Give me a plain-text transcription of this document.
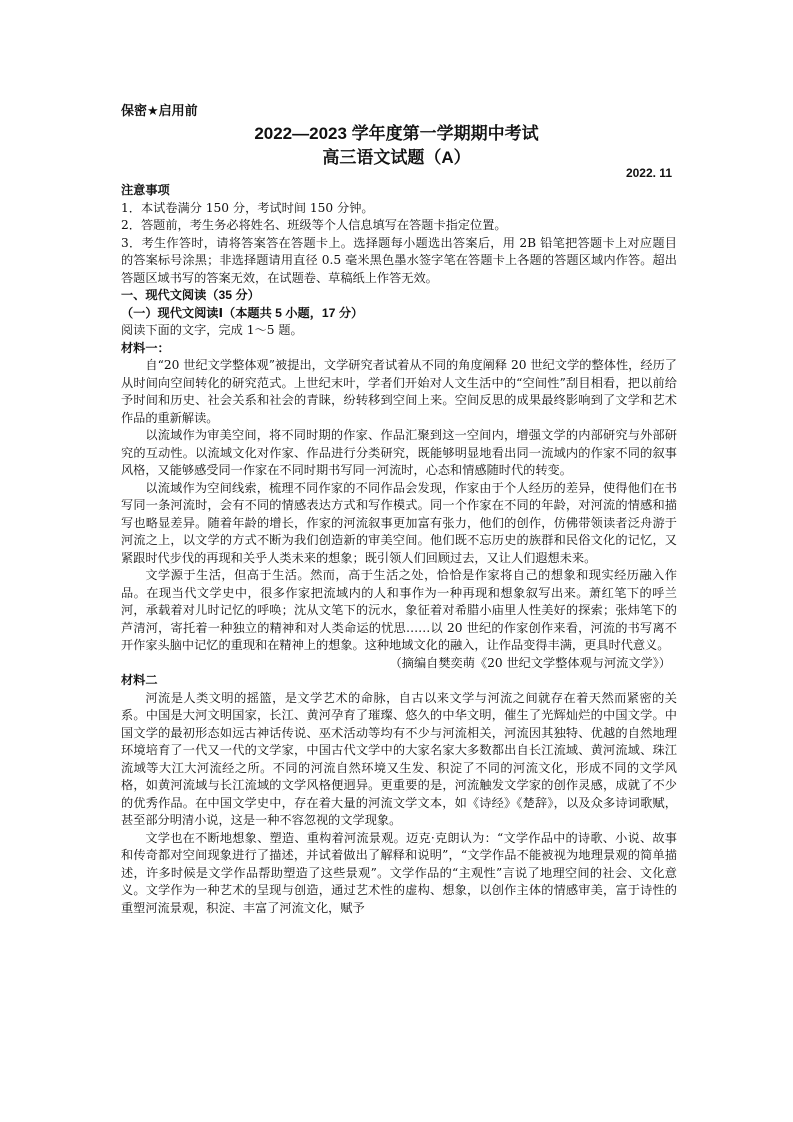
保密★启用前
2022—2023 学年度第一学期期中考试
高三语文试题（A）
2022. 11

注意事项

1．本试卷满分 150 分，考试时间 150 分钟。

2．答题前，考生务必将姓名、班级等个人信息填写在答题卡指定位置。

3．考生作答时，请将答案答在答题卡上。选择题每小题选出答案后，用 2B 铅笔把答题卡上对应题目的答案标号涂黑；非选择题请用直径 0.5 毫米黑色墨水签字笔在答题卡上各题的答题区域内作答。超出答题区域书写的答案无效，在试题卷、草稿纸上作答无效。

一、现代文阅读（35 分）

（一）现代文阅读Ⅰ（本题共 5 小题，17 分）

阅读下面的文字，完成 1～5 题。

材料一：

自“20 世纪文学整体观”被提出，文学研究者试着从不同的角度阐释 20 世纪文学的整体性，经历了从时间向空间转化的研究范式。上世纪末叶，学者们开始对人文生活中的“空间性”刮目相看，把以前给予时间和历史、社会关系和社会的青睐，纷转移到空间上来。空间反思的成果最终影响到了文学和艺术作品的重新解读。

以流域作为审美空间，将不同时期的作家、作品汇聚到这一空间内，增强文学的内部研究与外部研究的互动性。以流域文化对作家、作品进行分类研究，既能够明显地看出同一流域内的作家不同的叙事风格，又能够感受同一作家在不同时期书写同一河流时，心态和情感随时代的转变。

以流域作为空间线索，梳理不同作家的不同作品会发现，作家由于个人经历的差异，使得他们在书写同一条河流时，会有不同的情感表达方式和写作模式。同一个作家在不同的年龄，对河流的情感和描写也略显差异。随着年龄的增长，作家的河流叙事更加富有张力，他们的创作，仿佛带领读者泛舟游于河流之上，以文学的方式不断为我们创造新的审美空间。他们既不忘历史的族群和民俗文化的记忆，又紧跟时代步伐的再现和关乎人类未来的想象；既引领人们回顾过去，又让人们遐想未来。

文学源于生活，但高于生活。然而，高于生活之处，恰恰是作家将自己的想象和现实经历融入作品。在现当代文学史中，很多作家把流域内的人和事作为一种再现和想象叙写出来。萧红笔下的呼兰河，承载着对儿时记忆的呼唤；沈从文笔下的沅水，象征着对希腊小庙里人性美好的探索；张炜笔下的芦清河，寄托着一种独立的精神和对人类命运的忧思……以 20 世纪的作家创作来看，河流的书写离不开作家头脑中记忆的重现和在精神上的想象。这种地域文化的融入，让作品变得丰满，更具时代意义。

（摘编自樊奕萌《20 世纪文学整体观与河流文学》）

材料二

河流是人类文明的摇篮，是文学艺术的命脉，自古以来文学与河流之间就存在着天然而紧密的关系。中国是大河文明国家，长江、黄河孕育了璀璨、悠久的中华文明，催生了光辉灿烂的中国文学。中国文学的最初形态如远古神话传说、巫术活动等均有不少与河流相关，河流因其独特、优越的自然地理环境培育了一代又一代的文学家，中国古代文学中的大家名家大多数都出自长江流域、黄河流域、珠江流域等大江大河流经之所。不同的河流自然环境又生发、积淀了不同的河流文化，形成不同的文学风格，如黄河流域与长江流域的文学风格便迥异。更重要的是，河流触发文学家的创作灵感，成就了不少的优秀作品。在中国文学史中，存在着大量的河流文学文本，如《诗经》《楚辞》，以及众多诗词歌赋，甚至部分明清小说，这是一种不容忽视的文学现象。

文学也在不断地想象、塑造、重构着河流景观。迈克·克朗认为：“文学作品中的诗歌、小说、故事和传奇都对空间现象进行了描述，并试着做出了解释和说明”，“文学作品不能被视为地理景观的简单描述，许多时候是文学作品帮助塑造了这些景观”。文学作品的“主观性”言说了地理空间的社会、文化意义。文学作为一种艺术的呈现与创造，通过艺术性的虚构、想象，以创作主体的情感审美，富于诗性的重塑河流景观，积淀、丰富了河流文化，赋予
